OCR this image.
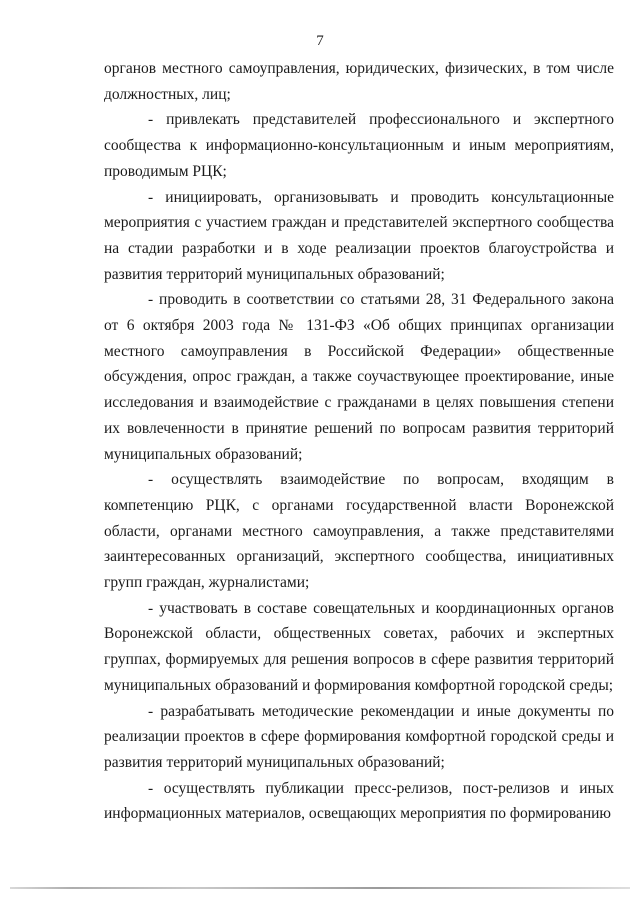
7

органов местного самоуправления, юридических, физических, в том числе должностных, лиц;

- привлекать представителей профессионального и экспертного сообщества к информационно-консультационным и иным мероприятиям, проводимым РЦК;

- инициировать, организовывать и проводить консультационные мероприятия с участием граждан и представителей экспертного сообщества на стадии разработки и в ходе реализации проектов благоустройства и развития территорий муниципальных образований;

- проводить в соответствии со статьями 28, 31 Федерального закона от 6 октября 2003 года № 131-ФЗ «Об общих принципах организации местного самоуправления в Российской Федерации» общественные обсуждения, опрос граждан, а также соучаствующее проектирование, иные исследования и взаимодействие с гражданами в целях повышения степени их вовлеченности в принятие решений по вопросам развития территорий муниципальных образований;

- осуществлять взаимодействие по вопросам, входящим в компетенцию РЦК, с органами государственной власти Воронежской области, органами местного самоуправления, а также представителями заинтересованных организаций, экспертного сообщества, инициативных групп граждан, журналистами;

- участвовать в составе совещательных и координационных органов Воронежской области, общественных советах, рабочих и экспертных группах, формируемых для решения вопросов в сфере развития территорий муниципальных образований и формирования комфортной городской среды;

- разрабатывать методические рекомендации и иные документы по реализации проектов в сфере формирования комфортной городской среды и развития территорий муниципальных образований;

- осуществлять публикации пресс-релизов, пост-релизов и иных информационных материалов, освещающих мероприятия по формированию
